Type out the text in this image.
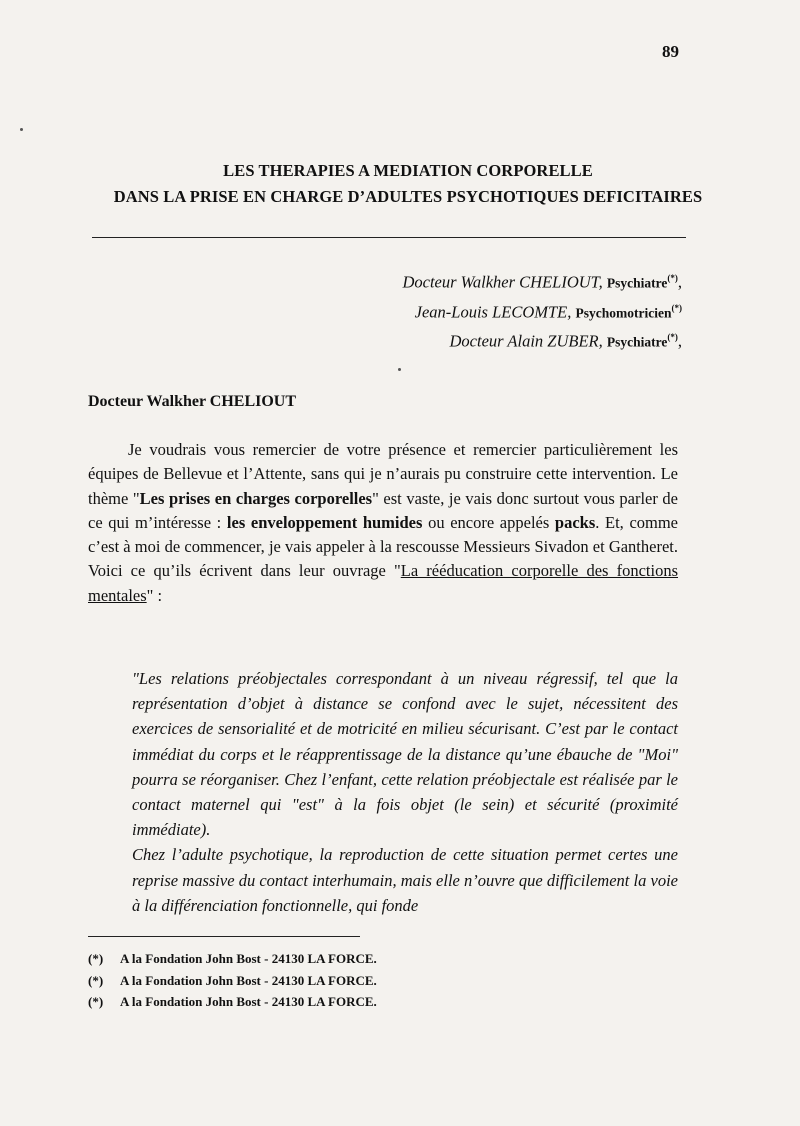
89
LES THERAPIES A MEDIATION CORPORELLE
DANS LA PRISE EN CHARGE D’ADULTES PSYCHOTIQUES DEFICITAIRES
Docteur Walkher CHELIOUT, Psychiatre(*),
Jean-Louis LECOMTE, Psychomotricien(*)
Docteur Alain ZUBER, Psychiatre(*),
Docteur Walkher CHELIOUT

Je voudrais vous remercier de votre présence et remercier particulièrement les équipes de Bellevue et l’Attente, sans qui je n’aurais pu construire cette intervention. Le thème "Les prises en charges corporelles" est vaste, je vais donc surtout vous parler de ce qui m’intéresse : les enveloppement humides ou encore appelés packs. Et, comme c’est à moi de commencer, je vais appeler à la rescousse Messieurs Sivadon et Gantheret. Voici ce qu’ils écrivent dans leur ouvrage "La rééducation corporelle des fonctions mentales" :

"Les relations préobjectales correspondant à un niveau régressif, tel que la représentation d’objet à distance se confond avec le sujet, nécessitent des exercices de sensorialité et de motricité en milieu sécurisant. C’est par le contact immédiat du corps et le réapprentissage de la distance qu’une ébauche de "Moi" pourra se réorganiser. Chez l’enfant, cette relation préobjectale est réalisée par le contact maternel qui "est" à la fois objet (le sein) et sécurité (proximité immédiate).

Chez l’adulte psychotique, la reproduction de cette situation permet certes une reprise massive du contact interhumain, mais elle n’ouvre que difficilement la voie à la différenciation fonctionnelle, qui fonde

(*)	A la Fondation John Bost - 24130 LA FORCE.
(*)	A la Fondation John Bost - 24130 LA FORCE.
(*)	A la Fondation John Bost - 24130 LA FORCE.
